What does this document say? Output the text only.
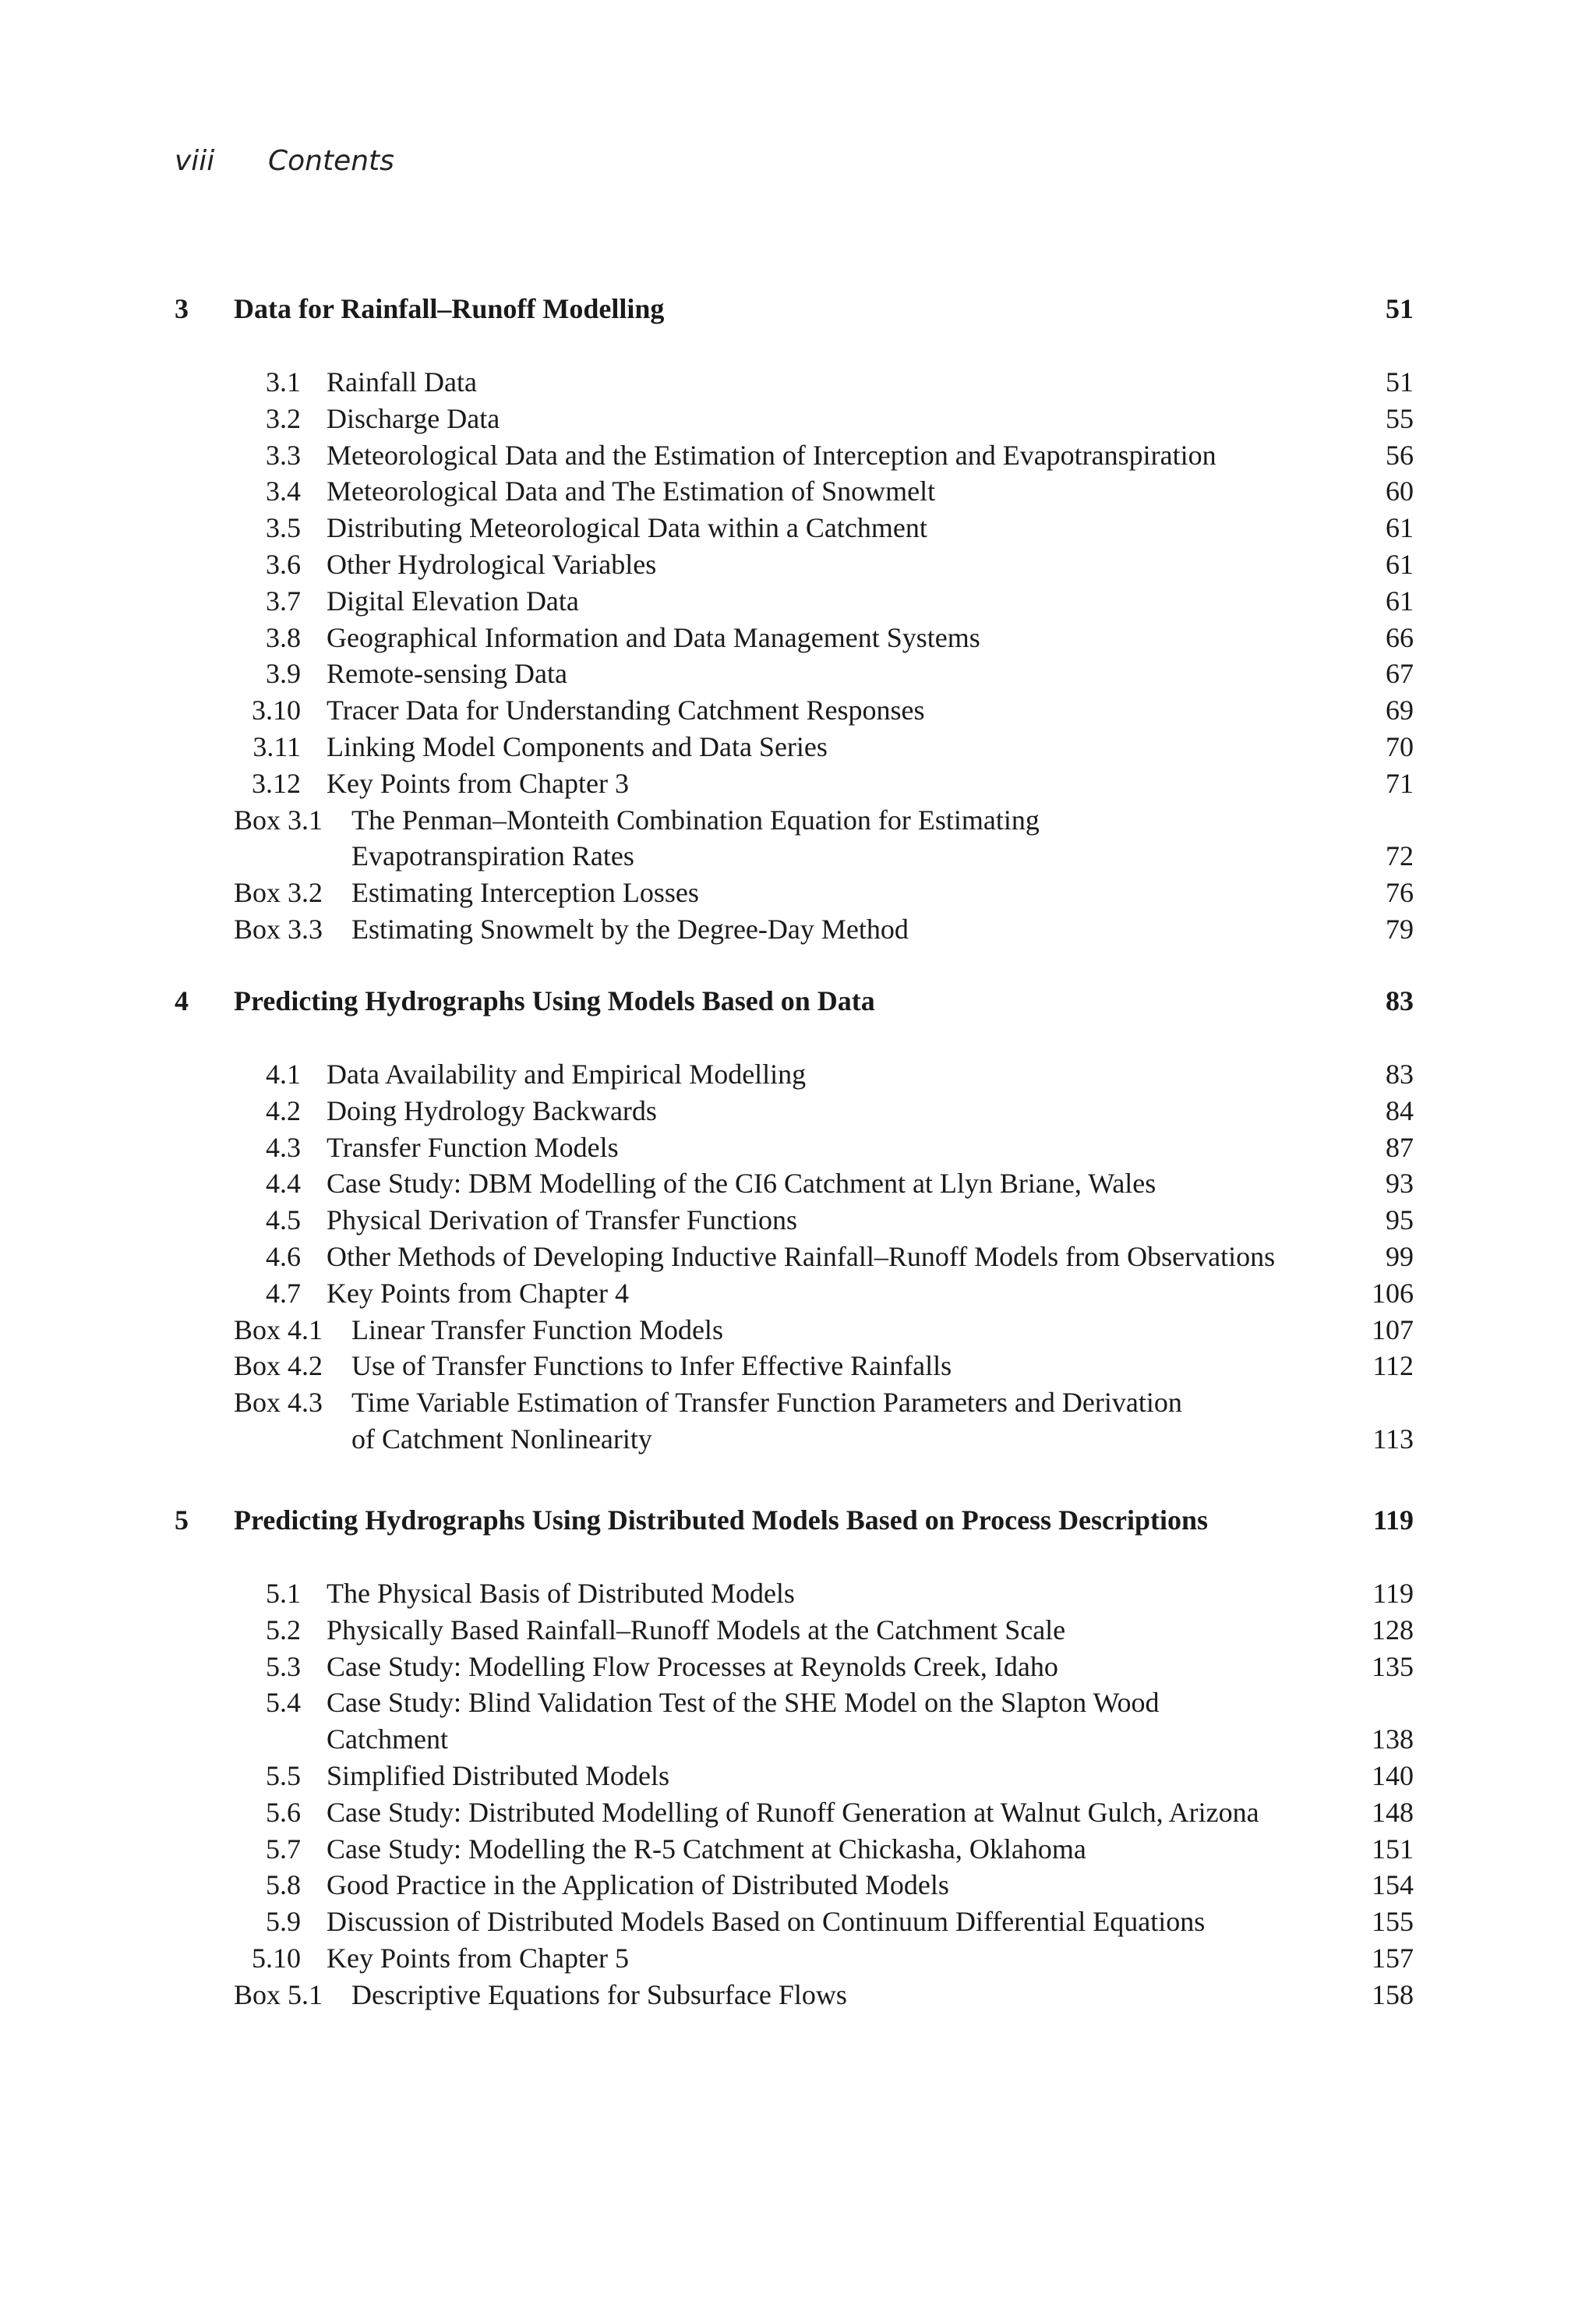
viii Contents
3 Data for Rainfall–Runoff Modelling	51
3.1 Rainfall Data	51
3.2 Discharge Data	55
3.3 Meteorological Data and the Estimation of Interception and Evapotranspiration	56
3.4 Meteorological Data and The Estimation of Snowmelt	60
3.5 Distributing Meteorological Data within a Catchment	61
3.6 Other Hydrological Variables	61
3.7 Digital Elevation Data	61
3.8 Geographical Information and Data Management Systems	66
3.9 Remote-sensing Data	67
3.10 Tracer Data for Understanding Catchment Responses	69
3.11 Linking Model Components and Data Series	70
3.12 Key Points from Chapter 3	71
Box 3.1 The Penman–Monteith Combination Equation for Estimating
Evapotranspiration Rates	72
Box 3.2 Estimating Interception Losses	76
Box 3.3 Estimating Snowmelt by the Degree-Day Method	79
4 Predicting Hydrographs Using Models Based on Data	83
4.1 Data Availability and Empirical Modelling	83
4.2 Doing Hydrology Backwards	84
4.3 Transfer Function Models	87
4.4 Case Study: DBM Modelling of the CI6 Catchment at Llyn Briane, Wales	93
4.5 Physical Derivation of Transfer Functions	95
4.6 Other Methods of Developing Inductive Rainfall–Runoff Models from Observations	99
4.7 Key Points from Chapter 4	106
Box 4.1 Linear Transfer Function Models	107
Box 4.2 Use of Transfer Functions to Infer Effective Rainfalls	112
Box 4.3 Time Variable Estimation of Transfer Function Parameters and Derivation
of Catchment Nonlinearity	113
5 Predicting Hydrographs Using Distributed Models Based on Process Descriptions	119
5.1 The Physical Basis of Distributed Models	119
5.2 Physically Based Rainfall–Runoff Models at the Catchment Scale	128
5.3 Case Study: Modelling Flow Processes at Reynolds Creek, Idaho	135
5.4 Case Study: Blind Validation Test of the SHE Model on the Slapton Wood
Catchment	138
5.5 Simplified Distributed Models	140
5.6 Case Study: Distributed Modelling of Runoff Generation at Walnut Gulch, Arizona	148
5.7 Case Study: Modelling the R-5 Catchment at Chickasha, Oklahoma	151
5.8 Good Practice in the Application of Distributed Models	154
5.9 Discussion of Distributed Models Based on Continuum Differential Equations	155
5.10 Key Points from Chapter 5	157
Box 5.1 Descriptive Equations for Subsurface Flows	158
